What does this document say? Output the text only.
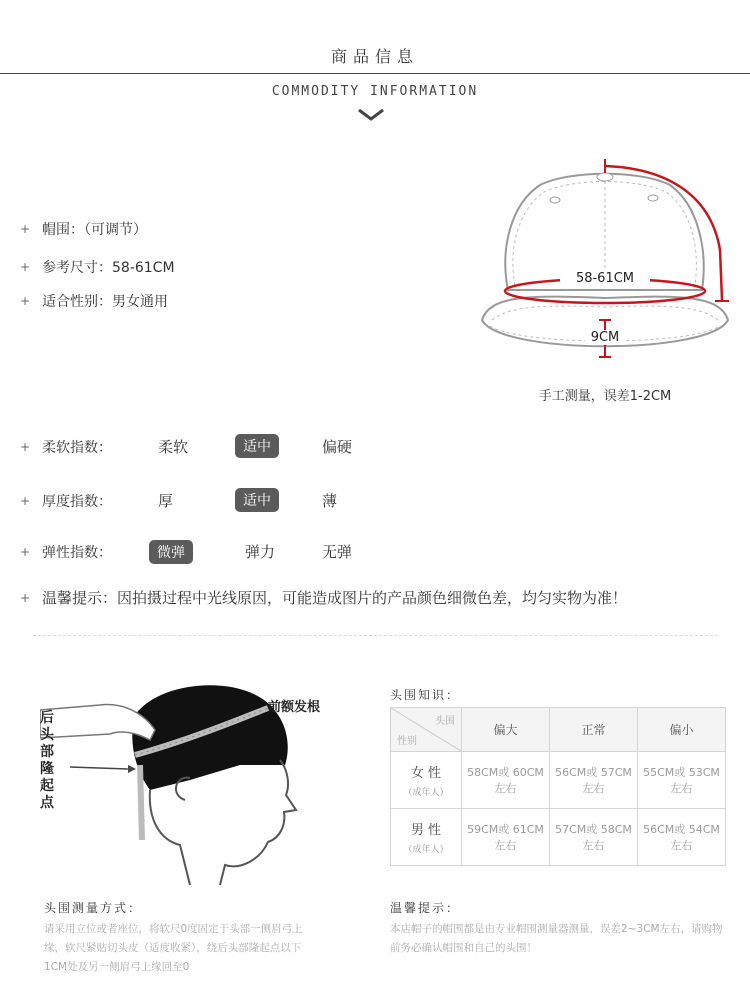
商品信息
COMMODITY INFORMATION
+ 帽围：（可调节）
+ 参考尺寸：58-61CM
+ 适合性别：男女通用
58-61CM
9CM
手工测量，误差1-2CM
+ 柔软指数：	柔软	适中	偏硬
+ 厚度指数：	厚	适中	薄
+ 弹性指数：	微弹	弹力	无弹
+ 温馨提示：因拍摄过程中光线原因，可能造成图片的产品颜色细微色差，均匀实物为准！
后头部隆起点
前额发根
头围知识：
头围
性别	偏大	正常	偏小
女 性
（成年人）	58CM或 60CM左右	56CM或 57CM左右	55CM或 53CM左右
男 性
（成年人）	59CM或 61CM左右	57CM或 58CM左右	56CM或 54CM左右
头围测量方式：
请采用立位或者座位，将软尺0度固定于头部一侧眉弓上缘，软尺紧贴切头皮（适度收紧），绕后头部隆起点以下1CM处及另一侧眉弓上缘回至0
温馨提示：
本店帽子的帽围都是由专业帽围测量器测量，误差2~3CM左右，请购物前务必确认帽围和自己的头围！
